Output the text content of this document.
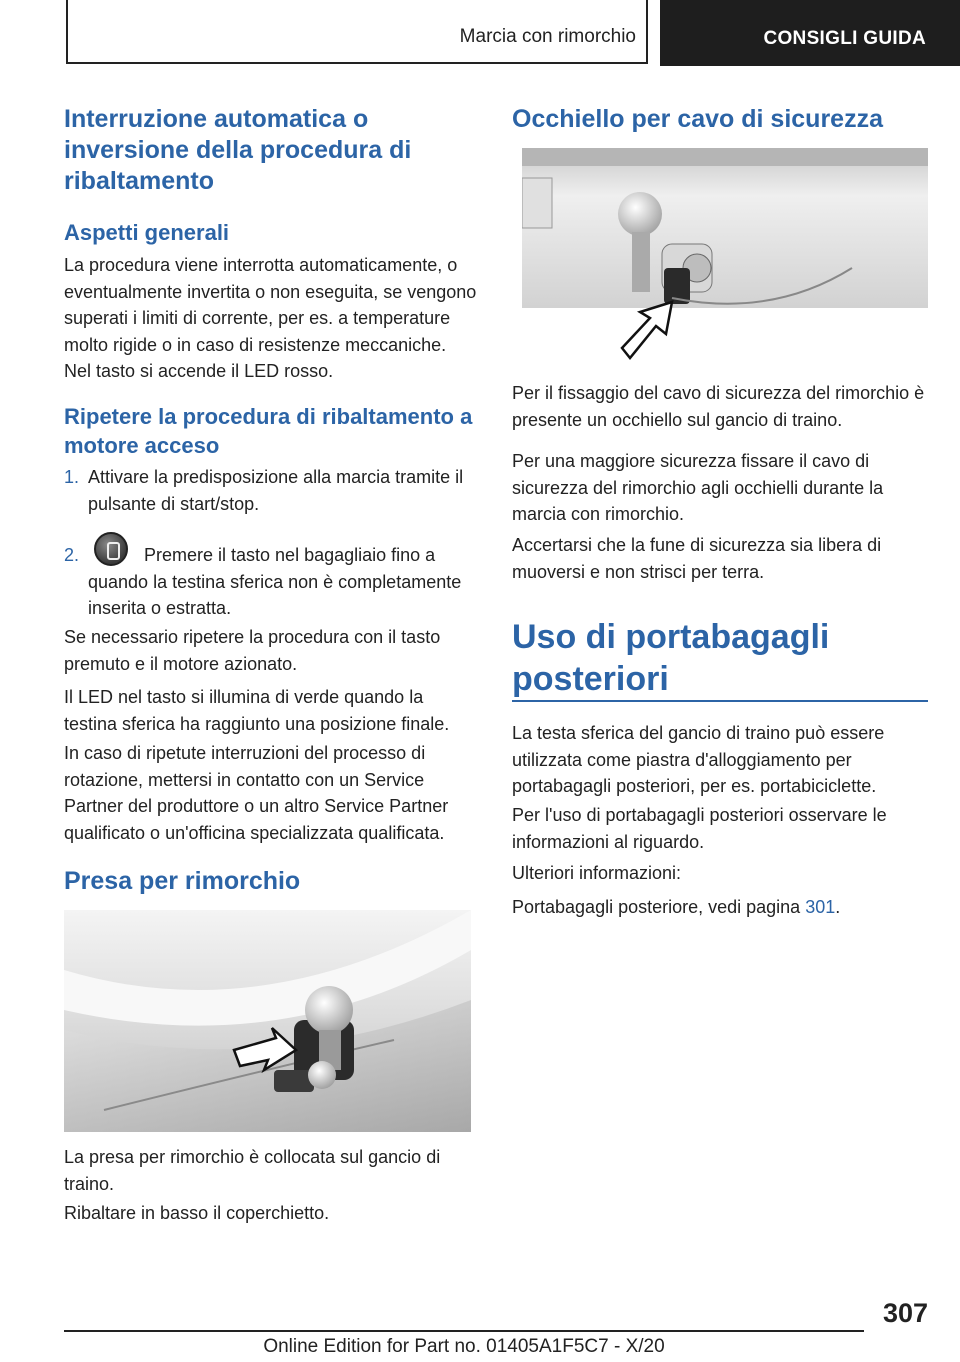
Marcia con rimorchio	CONSIGLI GUIDA
Interruzione automatica o inversione della procedura di ribaltamento
Aspetti generali
La procedura viene interrotta automaticamente, o eventualmente invertita o non eseguita, se vengono superati i limiti di corrente, per es. a temperature molto rigide o in caso di resistenze meccaniche. Nel tasto si accende il LED rosso.
Ripetere la procedura di ribaltamento a motore acceso
1. Attivare la predisposizione alla marcia tramite il pulsante di start/stop.
2.	Premere il tasto nel bagagliaio fino a quando la testina sferica non è completamente inserita o estratta.
Se necessario ripetere la procedura con il tasto premuto e il motore azionato.
Il LED nel tasto si illumina di verde quando la testina sferica ha raggiunto una posizione finale.
In caso di ripetute interruzioni del processo di rotazione, mettersi in contatto con un Service Partner del produttore o un altro Service Partner qualificato o un'officina specializzata qualificata.
Presa per rimorchio
La presa per rimorchio è collocata sul gancio di traino.
Ribaltare in basso il coperchietto.
Occhiello per cavo di sicurezza
Per il fissaggio del cavo di sicurezza del rimorchio è presente un occhiello sul gancio di traino.
Per una maggiore sicurezza fissare il cavo di sicurezza del rimorchio agli occhielli durante la marcia con rimorchio.
Accertarsi che la fune di sicurezza sia libera di muoversi e non strisci per terra.
Uso di portabagagli posteriori
La testa sferica del gancio di traino può essere utilizzata come piastra d'alloggiamento per portabagagli posteriori, per es. portabiciclette.
Per l'uso di portabagagli posteriori osservare le informazioni al riguardo.
Ulteriori informazioni:
Portabagagli posteriore, vedi pagina 301.
307
Online Edition for Part no. 01405A1F5C7 - X/20
